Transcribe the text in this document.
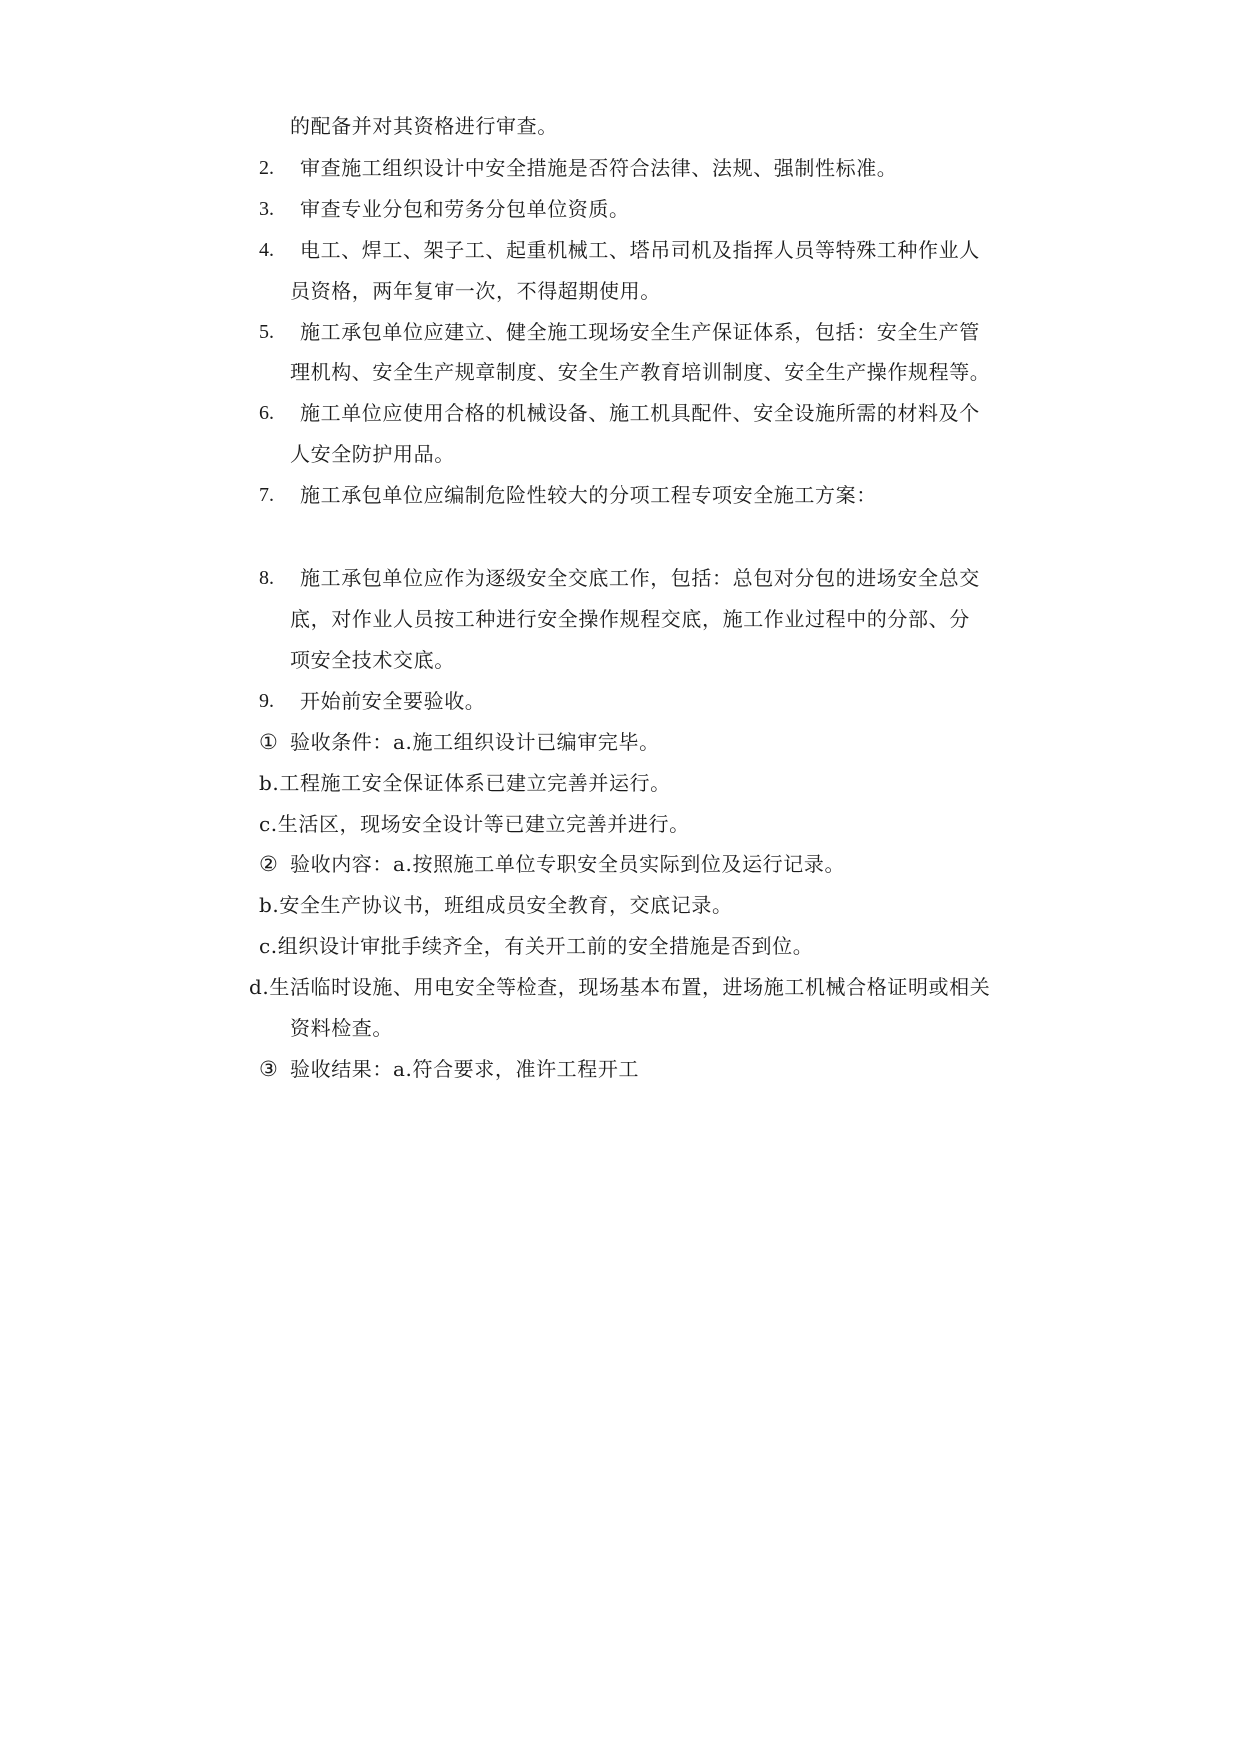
的配备并对其资格进行审查。
2. 审查施工组织设计中安全措施是否符合法律、法规、强制性标准。
3. 审查专业分包和劳务分包单位资质。
4. 电工、焊工、架子工、起重机械工、塔吊司机及指挥人员等特殊工种作业人
员资格，两年复审一次，不得超期使用。
5. 施工承包单位应建立、健全施工现场安全生产保证体系，包括：安全生产管
理机构、安全生产规章制度、安全生产教育培训制度、安全生产操作规程等。
6. 施工单位应使用合格的机械设备、施工机具配件、安全设施所需的材料及个
人安全防护用品。
7. 施工承包单位应编制危险性较大的分项工程专项安全施工方案：
8. 施工承包单位应作为逐级安全交底工作，包括：总包对分包的进场安全总交
底，对作业人员按工种进行安全操作规程交底，施工作业过程中的分部、分
项安全技术交底。
9. 开始前安全要验收。
① 验收条件：a.施工组织设计已编审完毕。
b.工程施工安全保证体系已建立完善并运行。
c.生活区，现场安全设计等已建立完善并进行。
② 验收内容：a.按照施工单位专职安全员实际到位及运行记录。
b.安全生产协议书，班组成员安全教育，交底记录。
c.组织设计审批手续齐全，有关开工前的安全措施是否到位。
d.生活临时设施、用电安全等检查，现场基本布置，进场施工机械合格证明或相关
资料检查。
③ 验收结果：a.符合要求，准许工程开工
